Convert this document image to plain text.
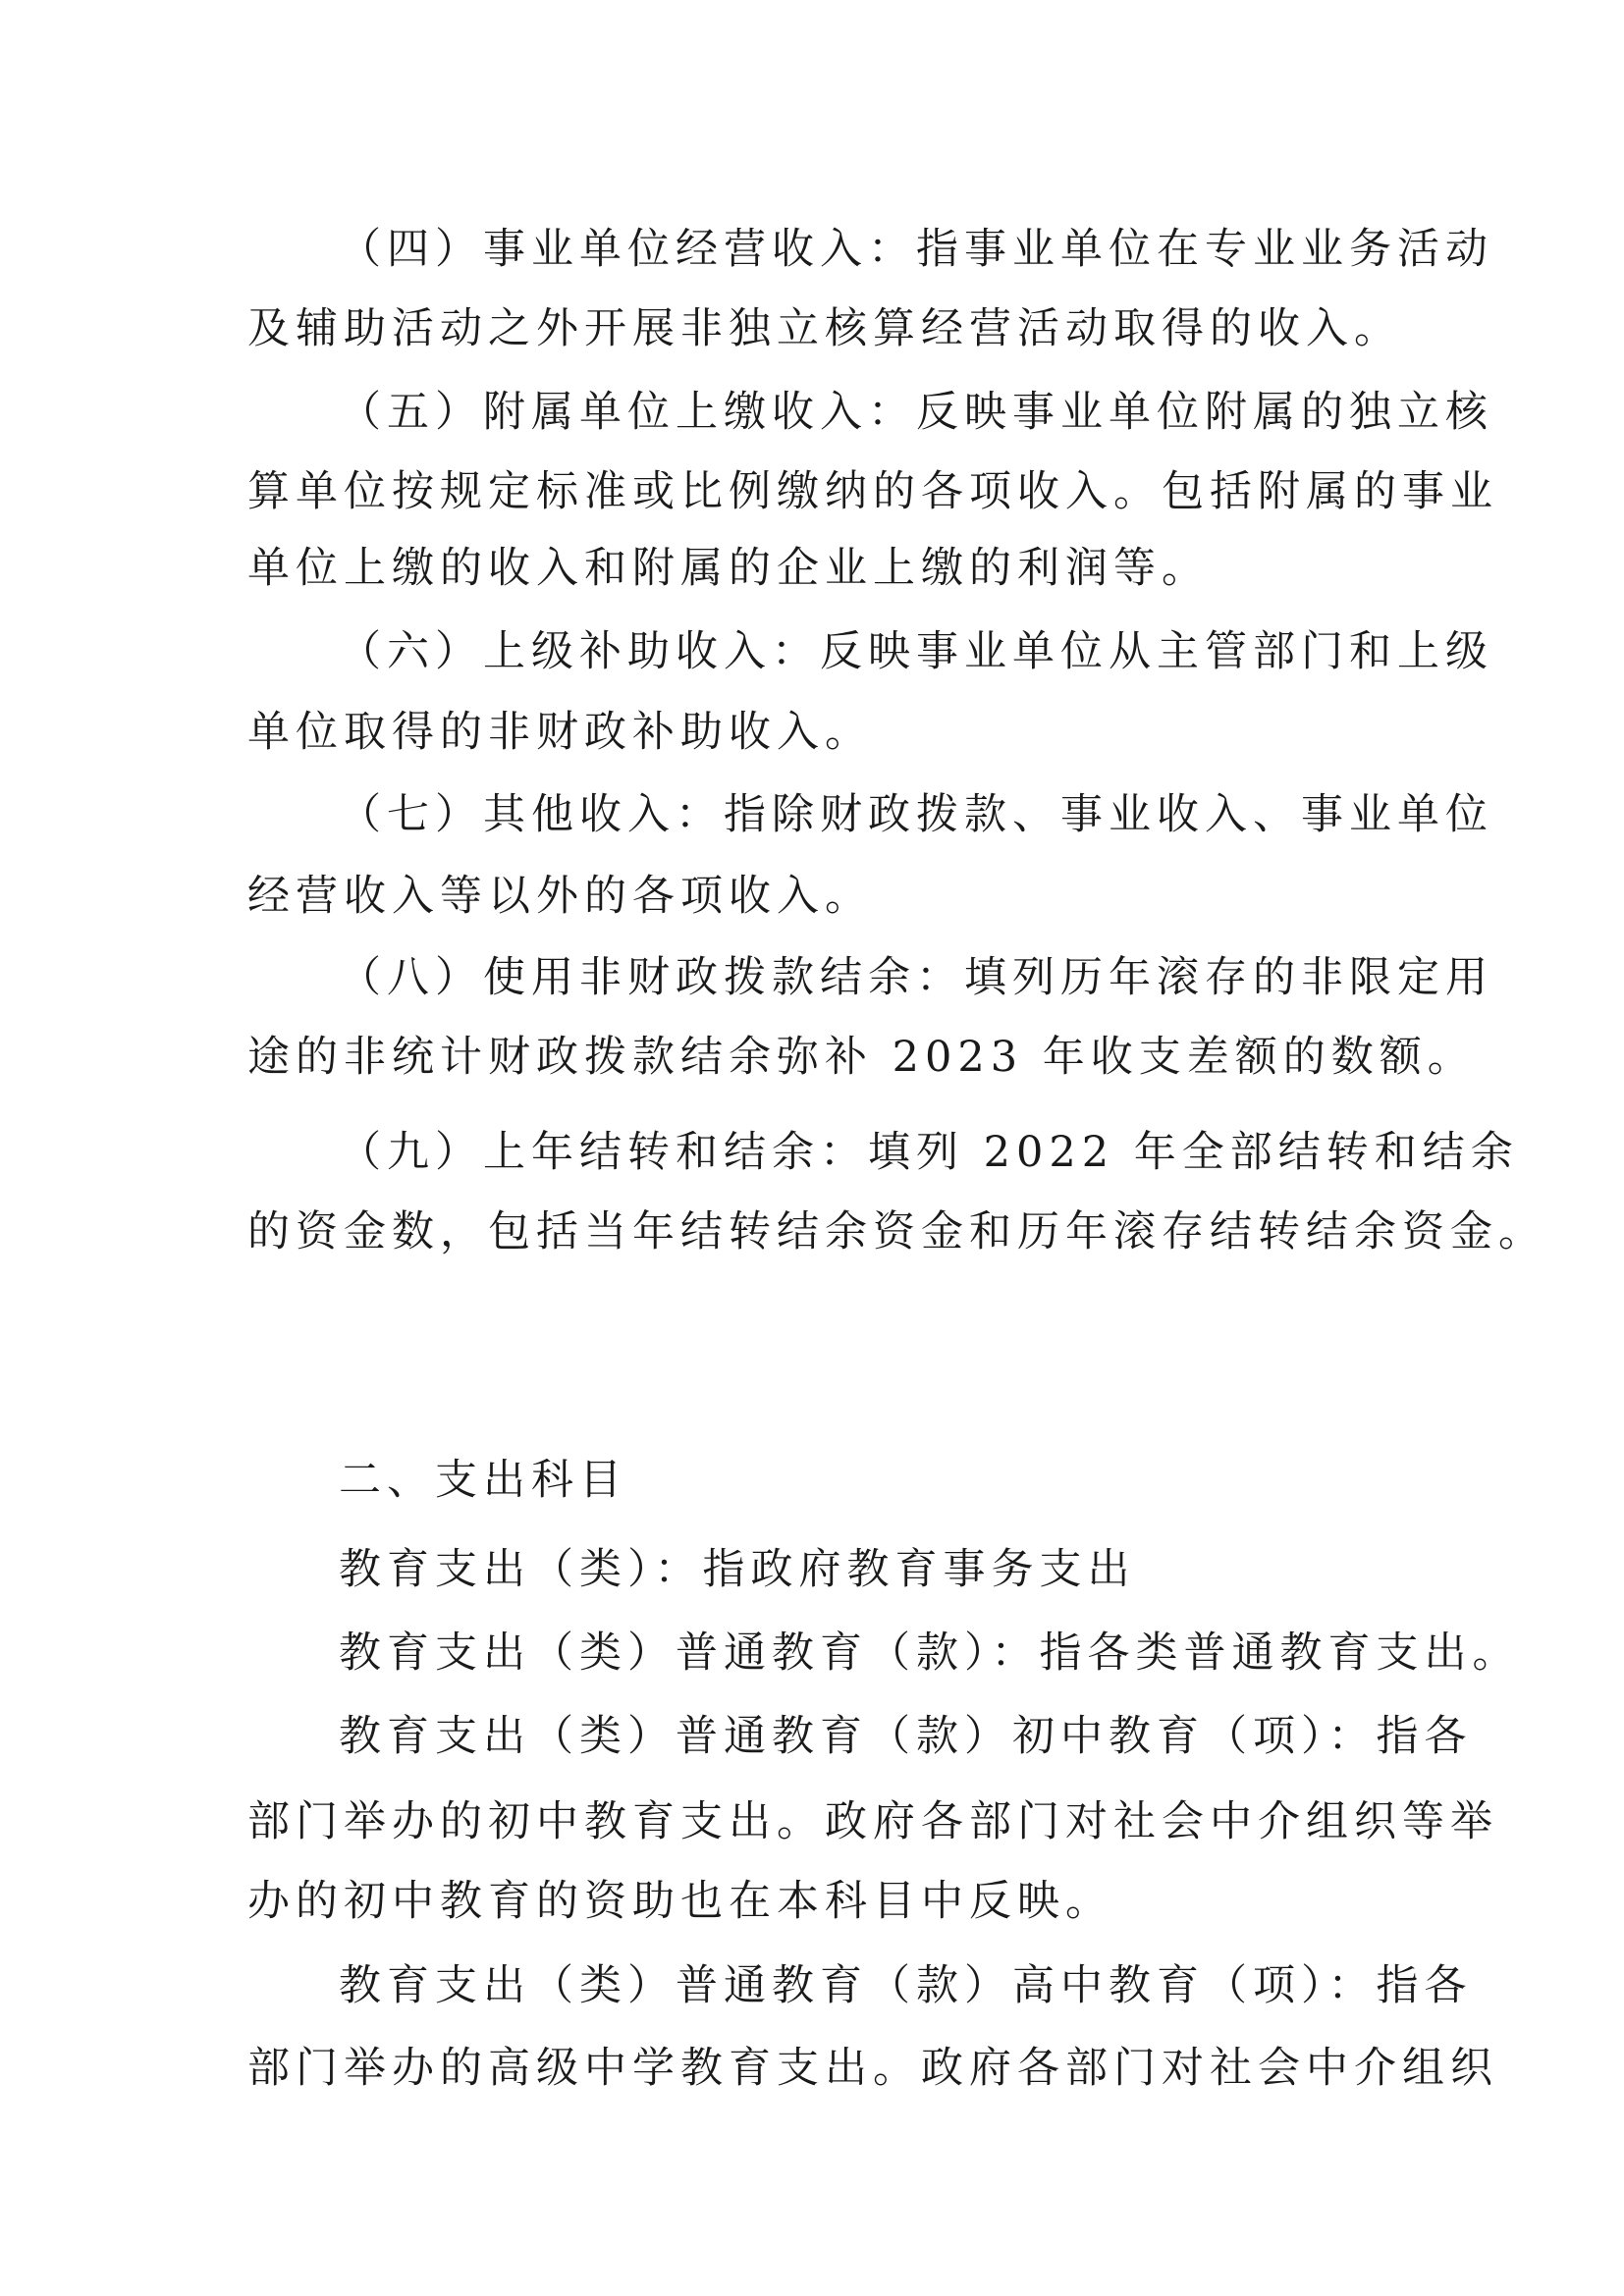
（四）事业单位经营收入：指事业单位在专业业务活动
及辅助活动之外开展非独立核算经营活动取得的收入。
（五）附属单位上缴收入：反映事业单位附属的独立核
算单位按规定标准或比例缴纳的各项收入。包括附属的事业
单位上缴的收入和附属的企业上缴的利润等。
（六）上级补助收入：反映事业单位从主管部门和上级
单位取得的非财政补助收入。
（七）其他收入：指除财政拨款、事业收入、事业单位
经营收入等以外的各项收入。
（八）使用非财政拨款结余：填列历年滚存的非限定用
途的非统计财政拨款结余弥补 2023 年收支差额的数额。
（九）上年结转和结余：填列 2022 年全部结转和结余
的资金数，包括当年结转结余资金和历年滚存结转结余资金。
二、支出科目
教育支出（类）：指政府教育事务支出
教育支出（类）普通教育（款）：指各类普通教育支出。
教育支出（类）普通教育（款）初中教育（项）：指各
部门举办的初中教育支出。政府各部门对社会中介组织等举
办的初中教育的资助也在本科目中反映。
教育支出（类）普通教育（款）高中教育（项）：指各
部门举办的高级中学教育支出。政府各部门对社会中介组织
